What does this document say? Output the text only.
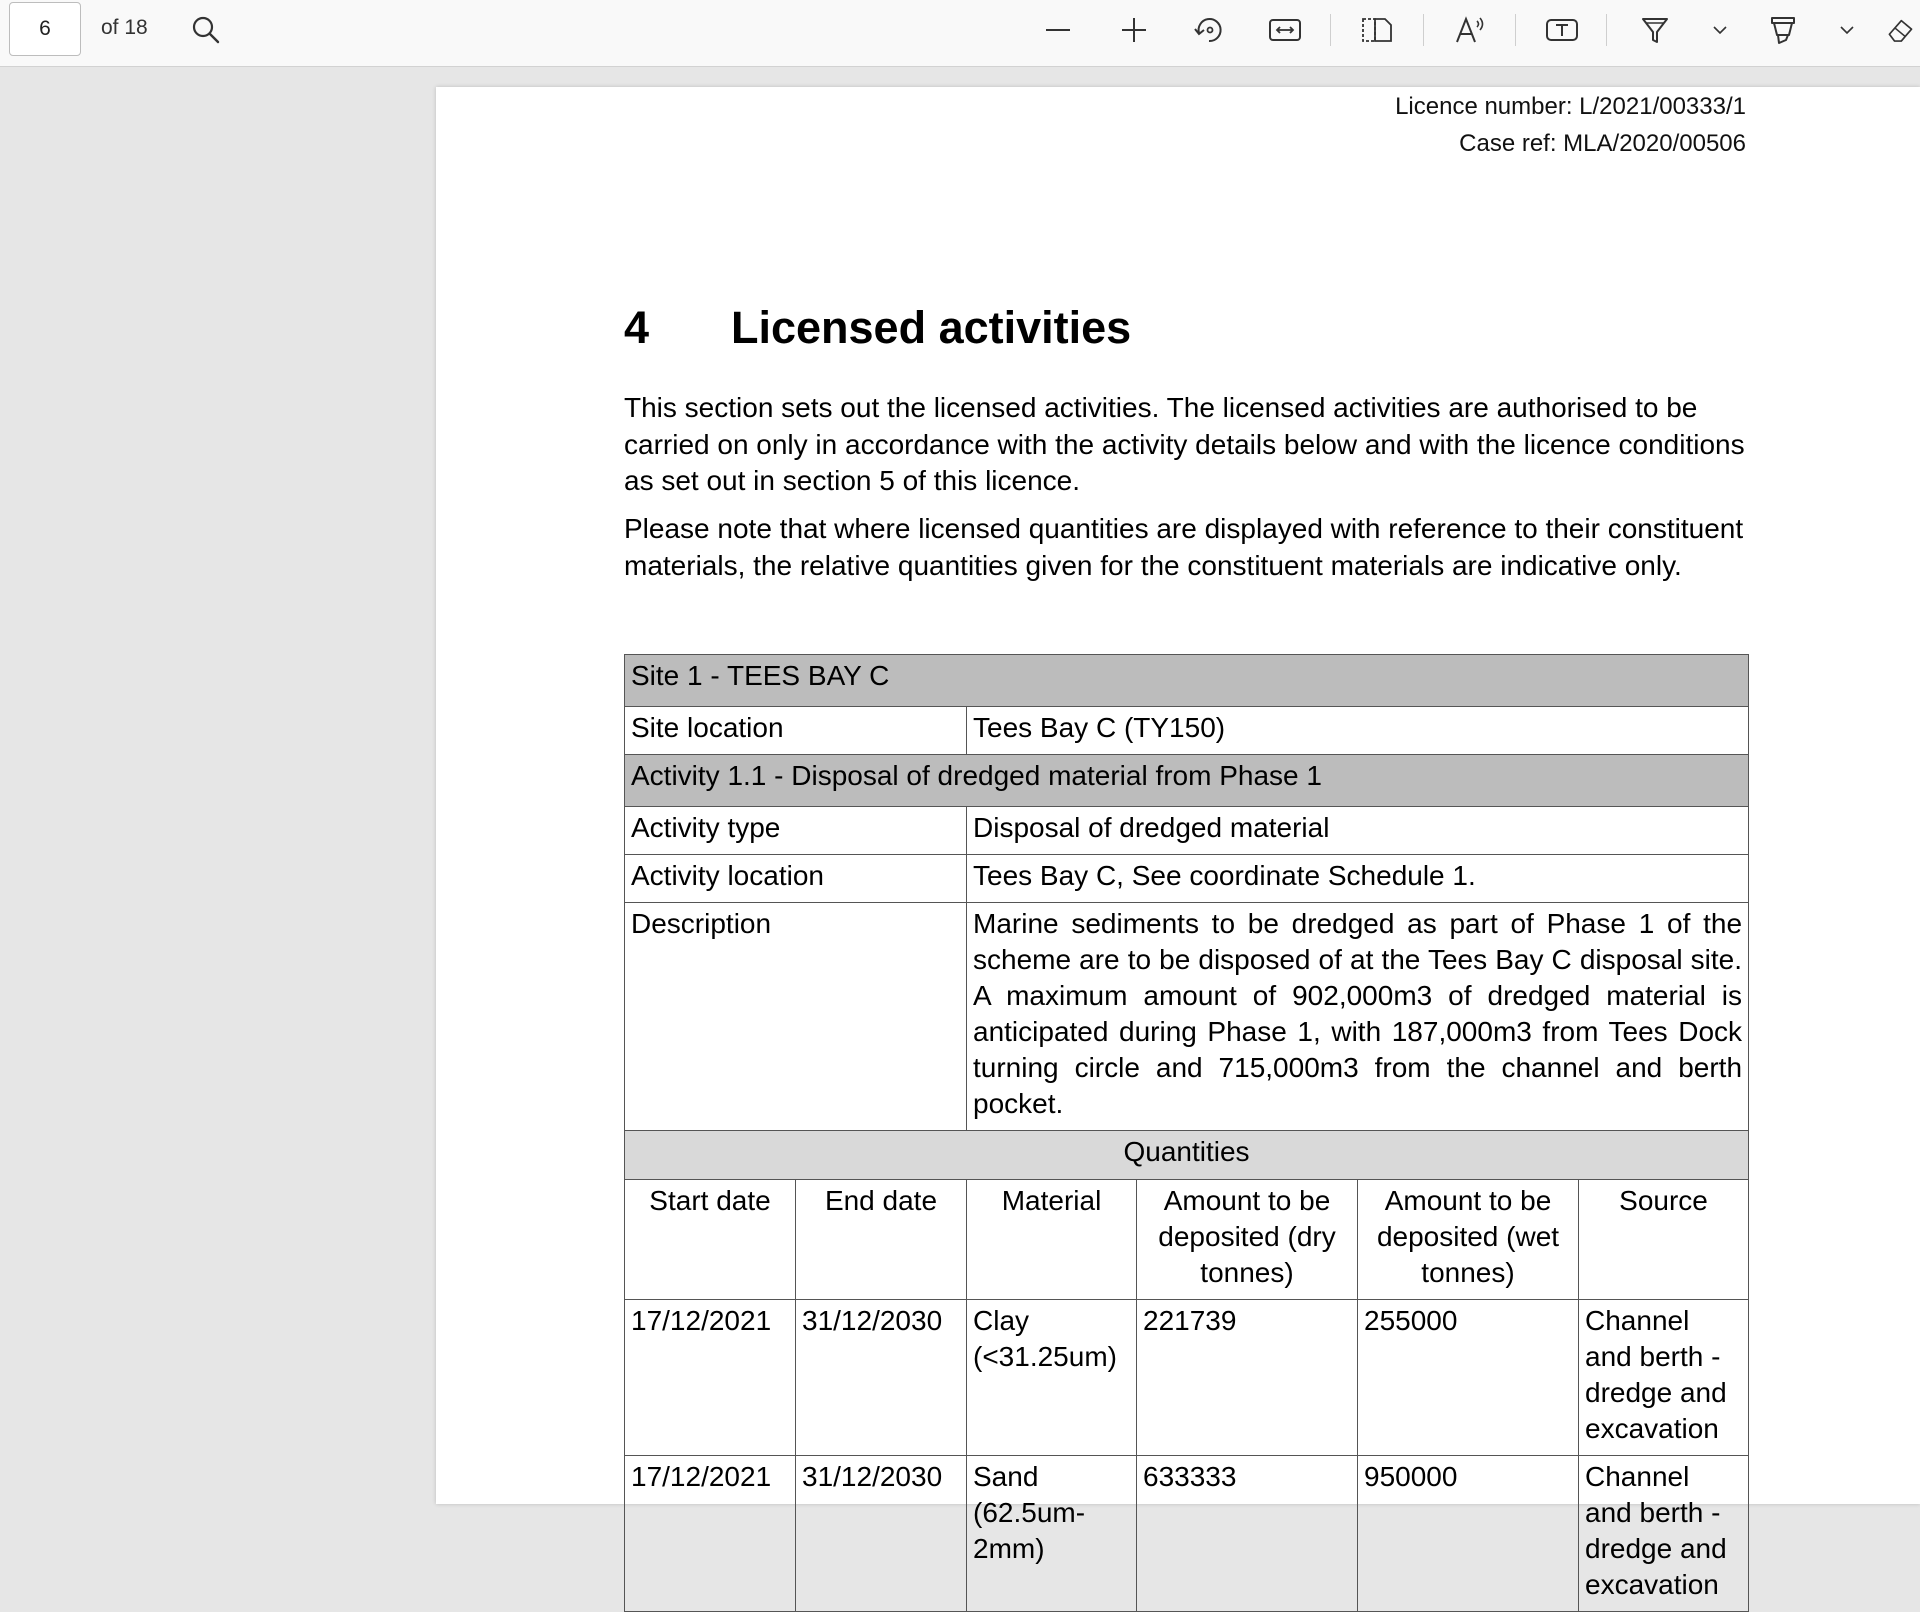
6	of 18
Licence number: L/2021/00333/1
Case ref: MLA/2020/00506
4 Licensed activities
This section sets out the licensed activities. The licensed activities are authorised to be carried on only in accordance with the activity details below and with the licence conditions as set out in section 5 of this licence.
Please note that where licensed quantities are displayed with reference to their constituent materials, the relative quantities given for the constituent materials are indicative only.
Site 1 - TEES BAY C					
Site location		Tees Bay C (TY150)			
Activity 1.1 - Disposal of dredged material from Phase 1					
Activity type		Disposal of dredged material			
Activity location		Tees Bay C, See coordinate Schedule 1.			
Description		Marine sediments to be dredged as part of Phase 1 of the scheme are to be disposed of at the Tees Bay C disposal site. A maximum amount of 902,000m3 of dredged material is anticipated during Phase 1, with 187,000m3 from Tees Dock turning circle and 715,000m3 from the channel and berth pocket.			
Quantities					
Start date	End date	Material	Amount to be deposited (dry tonnes)	Amount to be deposited (wet tonnes)	Source
17/12/2021	31/12/2030	Clay (<31.25um)	221739	255000	Channel and berth - dredge and excavation
17/12/2021	31/12/2030	Sand (62.5um-2mm)	633333	950000	Channel and berth - dredge and excavation
